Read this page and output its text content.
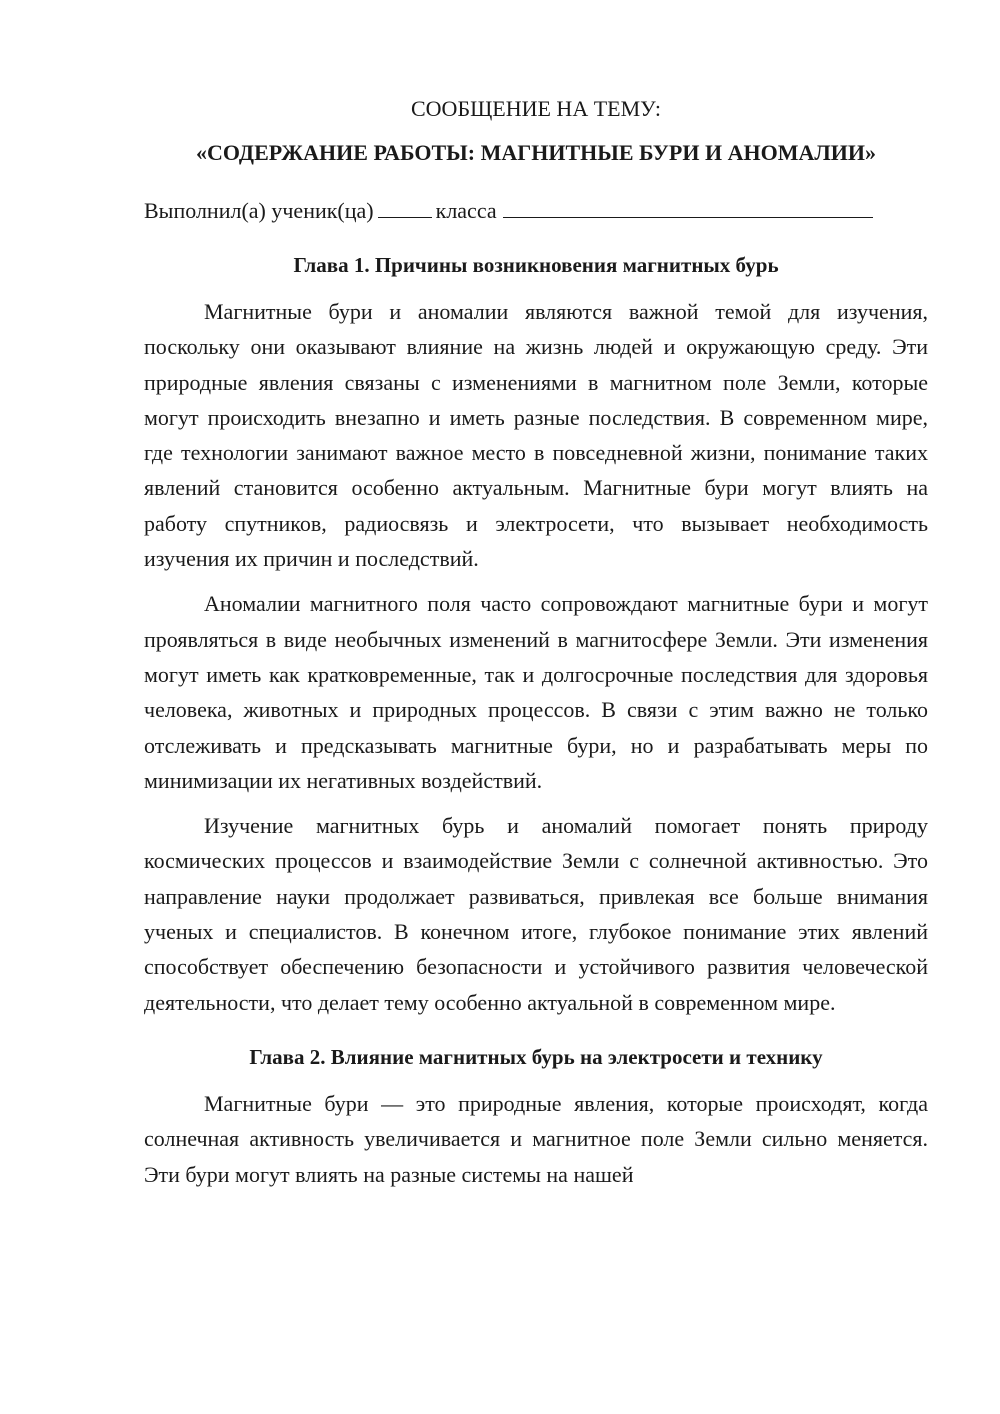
СООБЩЕНИЕ НА ТЕМУ:

«СОДЕРЖАНИЕ РАБОТЫ: МАГНИТНЫЕ БУРИ И АНОМАЛИИ»

Выполнил(а) ученик(ца)	класса

Глава 1. Причины возникновения магнитных бурь

Магнитные бури и аномалии являются важной темой для изучения, поскольку они оказывают влияние на жизнь людей и окружающую среду. Эти природные явления связаны с изменениями в магнитном поле Земли, которые могут происходить внезапно и иметь разные последствия. В современном мире, где технологии занимают важное место в повседневной жизни, понимание таких явлений становится особенно актуальным. Магнитные бури могут влиять на работу спутников, радиосвязь и электросети, что вызывает необходимость изучения их причин и последствий.

Аномалии магнитного поля часто сопровождают магнитные бури и могут проявляться в виде необычных изменений в магнитосфере Земли. Эти изменения могут иметь как кратковременные, так и долгосрочные последствия для здоровья человека, животных и природных процессов. В связи с этим важно не только отслеживать и предсказывать магнитные бури, но и разрабатывать меры по минимизации их негативных воздействий.

Изучение магнитных бурь и аномалий помогает понять природу космических процессов и взаимодействие Земли с солнечной активностью. Это направление науки продолжает развиваться, привлекая все больше внимания ученых и специалистов. В конечном итоге, глубокое понимание этих явлений способствует обеспечению безопасности и устойчивого развития человеческой деятельности, что делает тему особенно актуальной в современном мире.

Глава 2. Влияние магнитных бурь на электросети и технику

Магнитные бури — это природные явления, которые происходят, когда солнечная активность увеличивается и магнитное поле Земли сильно меняется. Эти бури могут влиять на разные системы на нашей
